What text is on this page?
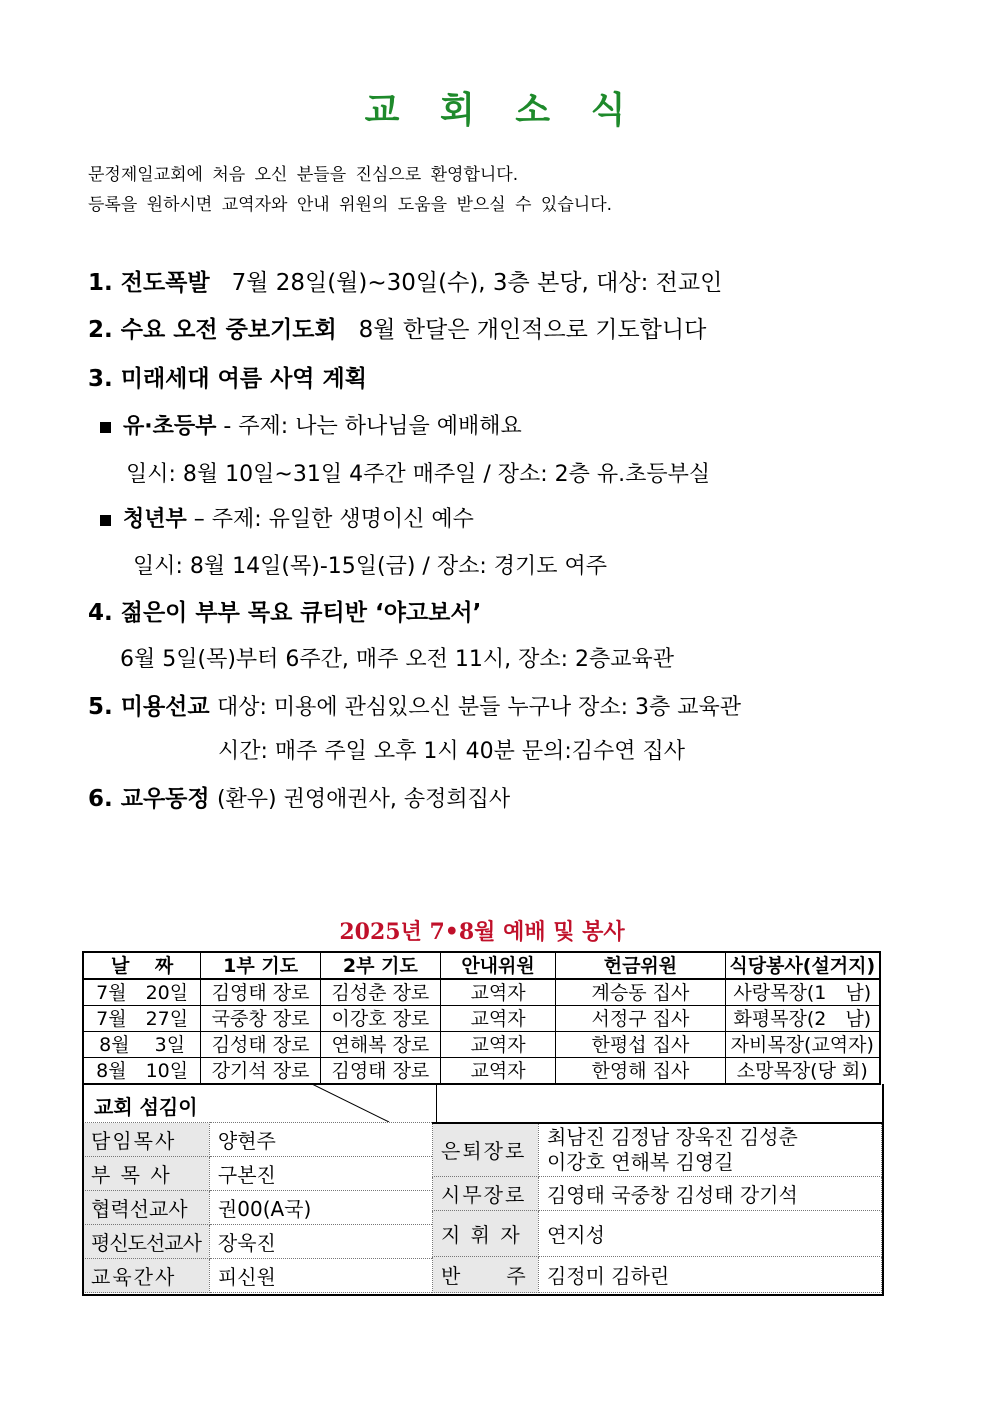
교 회 소 식
문정제일교회에 처음 오신 분들을 진심으로 환영합니다.
등록을 원하시면 교역자와 안내 위원의 도움을 받으실 수 있습니다.
1. 전도폭발 7월 28일(월)~30일(수), 3층 본당, 대상: 전교인
2. 수요 오전 중보기도회 8월 한달은 개인적으로 기도합니다
3. 미래세대 여름 사역 계획
유·초등부 - 주제: 나는 하나님을 예배해요
일시: 8월 10일~31일 4주간 매주일 / 장소: 2층 유.초등부실
청년부 – 주제: 유일한 생명이신 예수
일시: 8월 14일(목)-15일(금) / 장소: 경기도 여주
4. 젊은이 부부 목요 큐티반 ‘야고보서’
6월 5일(목)부터 6주간, 매주 오전 11시, 장소: 2층교육관
5. 미용선교 대상: 미용에 관심있으신 분들 누구나 장소: 3층 교육관
시간: 매주 주일 오후 1시 40분 문의:김수연 집사
6. 교우동정 (환우) 권영애권사, 송정희집사
2025년 7•8월 예배 및 봉사
날　 짜	1부 기도	2부 기도	안내위원	헌금위원	식당봉사(설거지)
7월　20일	김영태 장로	김성춘 장로	교역자	계승동 집사	사랑목장(1　남)
7월　27일	국중창 장로	이강호 장로	교역자	서정구 집사	화평목장(2　남)
8월　 3일	김성태 장로	연해복 장로	교역자	한평섭 집사	자비목장(교역자)
8월　10일	강기석 장로	김영태 장로	교역자	한영해 집사	소망목장(당 회)
교회 섬김이
담임목사	양현주
부 목 사	구본진
협력선교사	권00(A국)
평신도선교사	장욱진
교육간사	피신원
은퇴장로	최남진 김정남 장욱진 김성춘
이강호 연해복 김영길

시무장로	김영태 국중창 김성태 강기석
지 휘 자	연지성
반　　주	김정미 김하린
